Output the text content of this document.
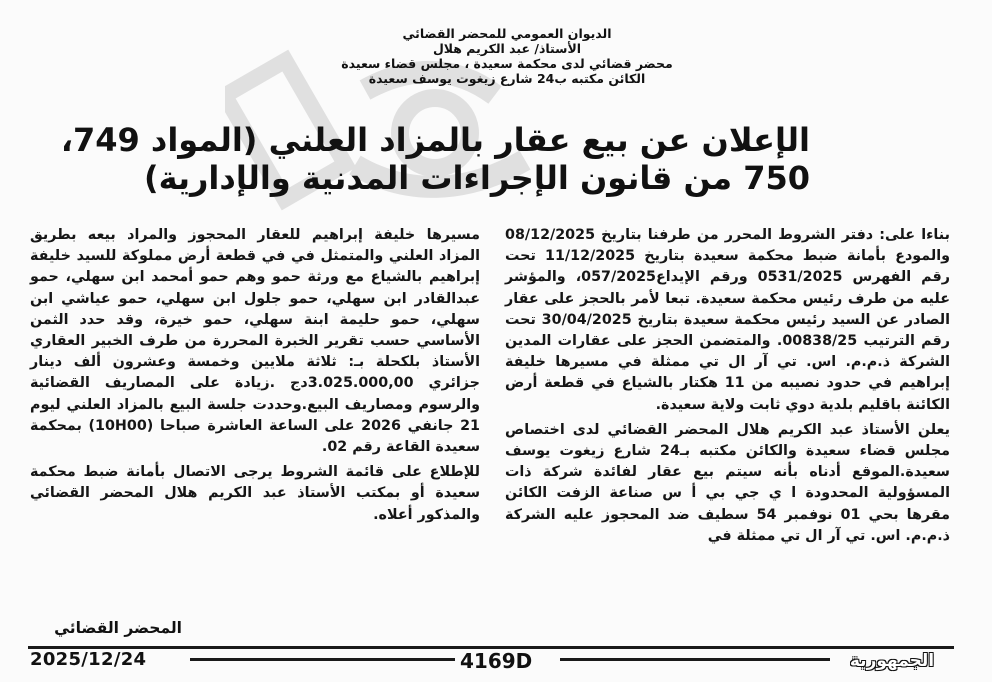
الديوان العمومي للمحضر القضائي
الأستاذ/ عبد الكريم هلال
محضر قضائي لدى محكمة سعيدة ، مجلس قضاء سعيدة
الكائن مكتبه ب24 شارع زيغوت يوسف سعيدة
الإعلان عن بيع عقار بالمزاد العلني (المواد 749،
750 من قانون الإجراءات المدنية والإدارية)

بناءا على: دفتر الشروط المحرر من طرفنا بتاريخ 08/12/2025 والمودع بأمانة ضبط محكمة سعيدة بتاريخ 11/12/2025 تحت رقم الفهرس 0531/2025 ورقم الإيداع057/2025، والمؤشر عليه من طرف رئيس محكمة سعيدة. تبعا لأمر بالحجز على عقار الصادر عن السيد رئيس محكمة سعيدة بتاريخ 30/04/2025 تحت رقم الترتيب 00838/25. والمتضمن الحجز على عقارات المدين الشركة ذ.م.م. اس. تي آر ال تي ممثلة في مسيرها خليفة إبراهيم في حدود نصيبه من 11 هكتار بالشياع في قطعة أرض الكائنة باقليم بلدية دوي ثابت ولاية سعيدة.

يعلن الأستاذ عبد الكريم هلال المحضر القضائي لدى اختصاص مجلس قضاء سعيدة والكائن مكتبه بـ24 شارع زيغوت يوسف سعيدة.الموقع أدناه بأنه سيتم بيع عقار لفائدة شركة ذات المسؤولية المحدودة ا ي جي بي أ س صناعة الزفت الكائن مقرها بحي 01 نوفمبر 54 سطيف ضد المحجوز عليه الشركة ذ.م.م. اس. تي آر ال تي ممثلة في

مسيرها خليفة إبراهيم للعقار المحجوز والمراد بيعه بطريق المزاد العلني والمتمثل في في قطعة أرض مملوكة للسيد خليفة إبراهيم بالشياع مع ورثة حمو وهم حمو أمحمد ابن سهلي، حمو عبدالقادر ابن سهلي، حمو جلول ابن سهلي، حمو عياشي ابن سهلي، حمو حليمة ابنة سهلي، حمو خيرة، وقد حدد الثمن الأساسي حسب تقرير الخبرة المحررة من طرف الخبير العقاري الأستاذ بلكحلة بـ: ثلاثة ملايين وخمسة وعشرون ألف دينار جزائري 3.025.000,00دج .زيادة على المصاريف القضائية والرسوم ومصاريف البيع.وحددت جلسة البيع بالمزاد العلني ليوم 21 جانفي 2026 على الساعة العاشرة صباحا (10H00) بمحكمة سعيدة القاعة رقم 02.

للإطلاع على قائمة الشروط يرجى الاتصال بأمانة ضبط محكمة سعيدة أو بمكتب الأستاذ عبد الكريم هلال المحضر القضائي والمذكور أعلاه.

المحضر القضائي
2025/12/24	4169D	الجمهورية
